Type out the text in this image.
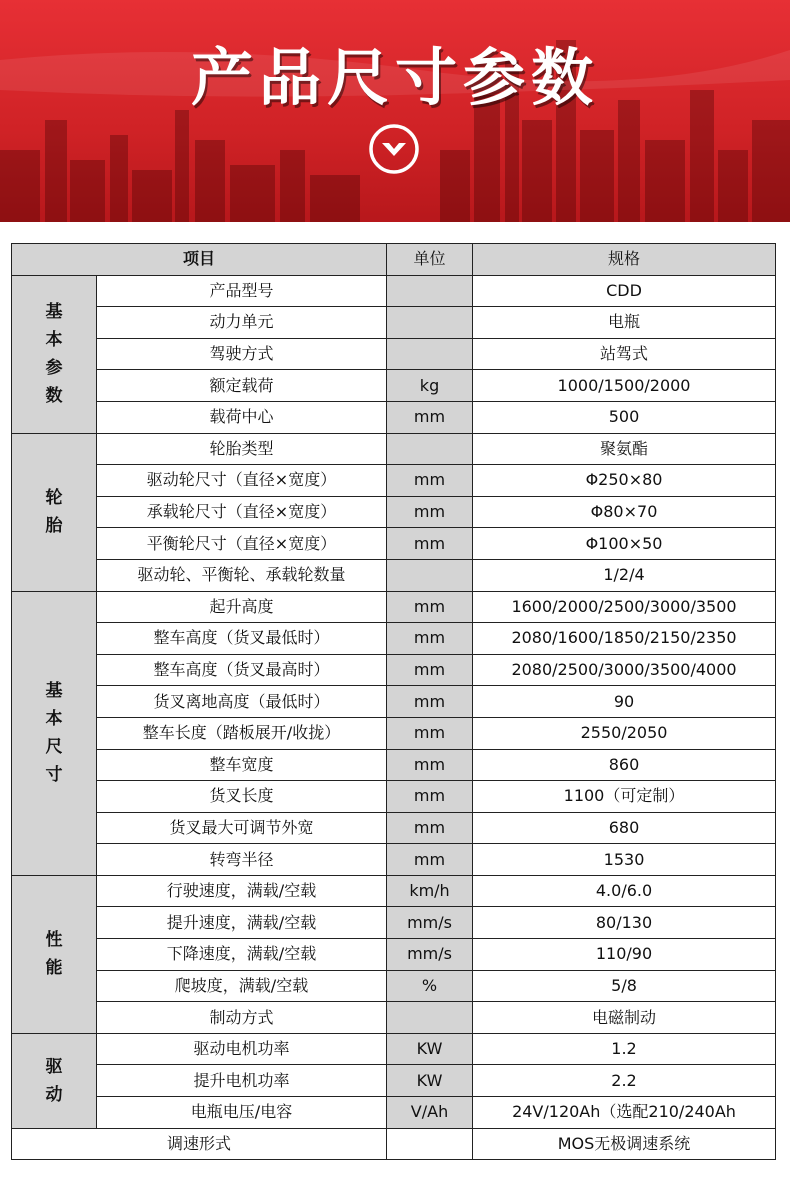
产品尺寸参数
项目		单位	规格

基
本
参
数	产品型号		CDD
	动力单元		电瓶
	驾驶方式		站驾式
	额定载荷	kg	1000/1500/2000
	载荷中心	mm	500

轮
胎	轮胎类型		聚氨酯
	驱动轮尺寸（直径×宽度）	mm	Φ250×80
	承载轮尺寸（直径×宽度）	mm	Φ80×70
	平衡轮尺寸（直径×宽度）	mm	Φ100×50
	驱动轮、平衡轮、承载轮数量		1/2/4

基
本
尺
寸	起升高度	mm	1600/2000/2500/3000/3500
	整车高度（货叉最低时）	mm	2080/1600/1850/2150/2350
	整车高度（货叉最高时）	mm	2080/2500/3000/3500/4000
	货叉离地高度（最低时）	mm	90
	整车长度（踏板展开/收拢）	mm	2550/2050
	整车宽度	mm	860
	货叉长度	mm	1100（可定制）
	货叉最大可调节外宽	mm	680
	转弯半径	mm	1530

性
能	行驶速度，满载/空载	km/h	4.0/6.0
	提升速度，满载/空载	mm/s	80/130
	下降速度，满载/空载	mm/s	110/90
	爬坡度，满载/空载	%	5/8
	制动方式		电磁制动

驱
动	驱动电机功率	KW	1.2
	提升电机功率	KW	2.2
	电瓶电压/电容	V/Ah	24V/120Ah（选配210/240Ah
调速形式			MOS无极调速系统
